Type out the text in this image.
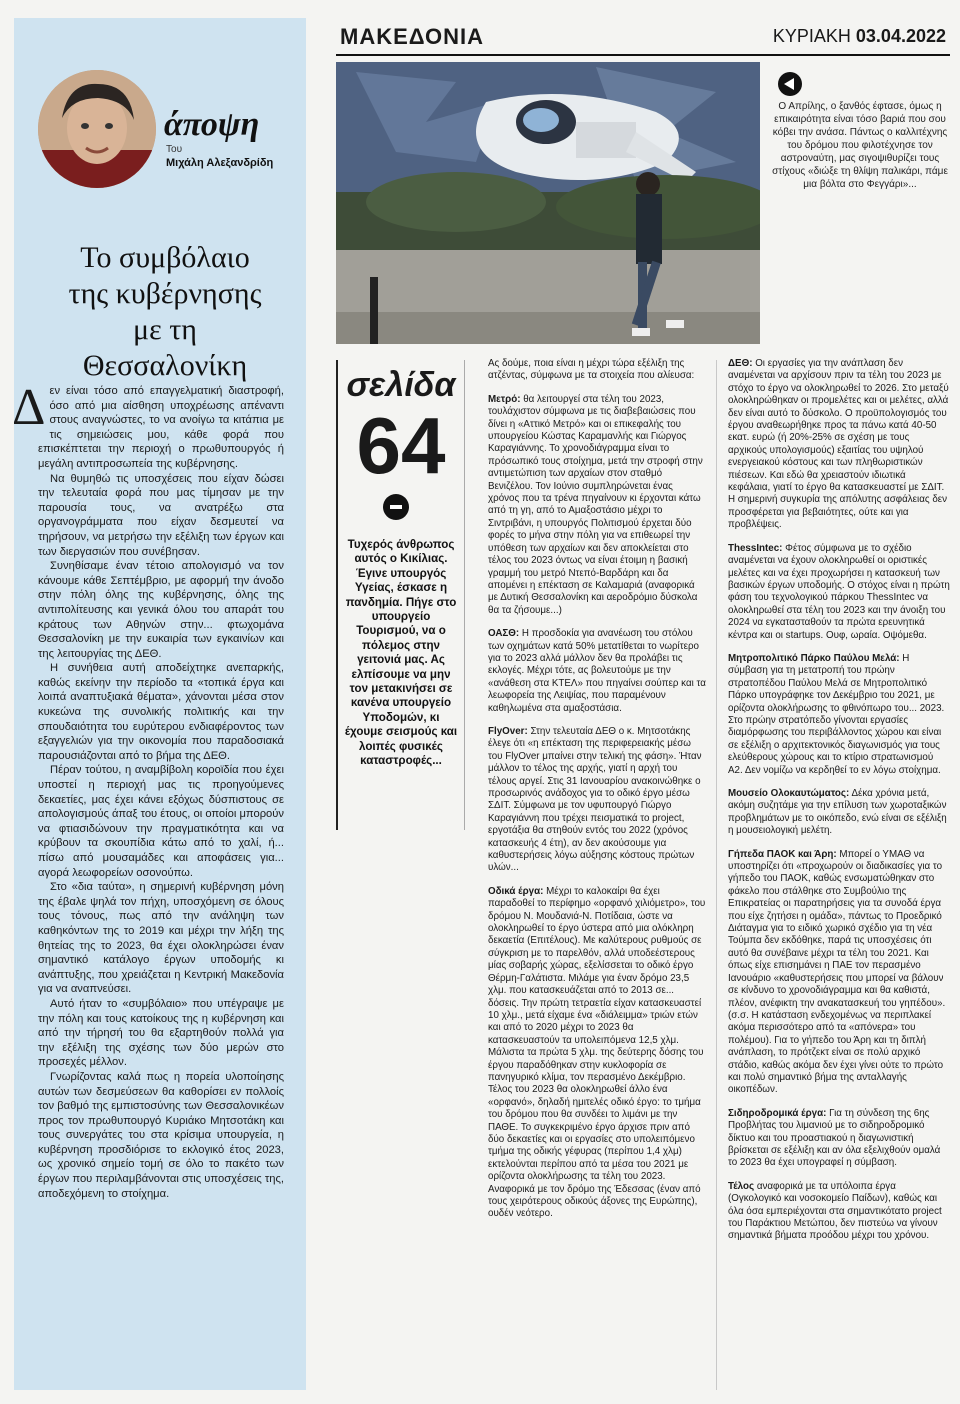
ΜΑΚΕΔΟΝΙΑ	ΚΥΡΙΑΚΗ 03.04.2022
άποψη
Του
Μιχάλη Αλεξανδρίδη
Το συμβόλαιο
της κυβέρνησης
με τη
Θεσσαλονίκη

Δεν είναι τόσο από επαγγελματική διαστροφή, όσο από μια αίσθηση υποχρέωσης απέναντι στους αναγνώστες, το να ανοίγω τα κιτάπια με τις σημειώσεις μου, κάθε φορά που επισκέπτεται την περιοχή ο πρωθυπουργός ή μεγάλη αντιπροσωπεία της κυβέρνησης.

Να θυμηθώ τις υποσχέσεις που είχαν δώσει την τελευταία φορά που μας τίμησαν με την παρουσία τους, να ανατρέξω στα οργανογράμματα που είχαν δεσμευτεί να τηρήσουν, να μετρήσω την εξέλιξη των έργων και των διεργασιών που συνέβησαν.

Συνηθίσαμε έναν τέτοιο απολογισμό να τον κάνουμε κάθε Σεπτέμβριο, με αφορμή την άνοδο στην πόλη όλης της κυβέρνησης, όλης της αντιπολίτευσης και γενικά όλου του απαράτ του κράτους των Αθηνών στην... φτωχομάνα Θεσσαλονίκη με την ευκαιρία των εγκαινίων και της λειτουργίας της ΔΕΘ.

Η συνήθεια αυτή αποδείχτηκε ανεπαρκής, καθώς εκείνην την περίοδο τα «τοπικά έργα και λοιπά αναπτυξιακά θέματα», χάνονται μέσα στον κυκεώνα της συνολικής πολιτικής και την σπουδαιότητα του ευρύτερου ενδιαφέροντος των εξαγγελιών για την οικονομία που παραδοσιακά παρουσιάζονται από το βήμα της ΔΕΘ.

Πέραν τούτου, η αναμβίβολη κοροϊδία που έχει υποστεί η περιοχή μας τις προηγούμενες δεκαετίες, μας έχει κάνει εξόχως δύσπιστους σε απολογισμούς άπαξ του έτους, οι οποίοι μπορούν να φτιασιδώνουν την πραγματικότητα και να κρύβουν τα σκουπίδια κάτω από το χαλί, ή... πίσω από μουσαμάδες και αποφάσεις για... αγορά λεωφορείων οσονούπω.

Στο «δια ταύτα», η σημερινή κυβέρνηση μόνη της έβαλε ψηλά τον πήχη, υποσχόμενη σε όλους τους τόνους, πως από την ανάληψη των καθηκόντων της το 2019 και μέχρι την λήξη της θητείας της το 2023, θα έχει ολοκληρώσει έναν σημαντικό κατάλογο έργων υποδομής κι ανάπτυξης, που χρειάζεται η Κεντρική Μακεδονία για να αναπνεύσει.

Αυτό ήταν το «συμβόλαιο» που υπέγραψε με την πόλη και τους κατοίκους της η κυβέρνηση και από την τήρησή του θα εξαρτηθούν πολλά για την εξέλιξη της σχέσης των δύο μερών στο προσεχές μέλλον.

Γνωρίζοντας καλά πως η πορεία υλοποίησης αυτών των δεσμεύσεων θα καθορίσει εν πολλοίς τον βαθμό της εμπιστοσύνης των Θεσσαλονικέων προς τον πρωθυπουργό Κυριάκο Μητσοτάκη και τους συνεργάτες του στα κρίσιμα υπουργεία, η κυβέρνηση προσδιόρισε το εκλογικό έτος 2023, ως χρονικό σημείο τομή σε όλο το πακέτο των έργων που περιλαμβάνονται στις υποσχέσεις της, αποδεχόμενη το στοίχημα.

Ο Απρίλης, ο ξανθός έφτασε, όμως η επικαιρότητα είναι τόσο βαριά που σου κόβει την ανάσα. Πάντως ο καλλιτέχνης του δρόμου που φιλοτέχνησε τον αστροναύτη, μας σιγοψιθυρίζει τους στίχους «διώξε τη θλίψη παλικάρι, πάμε μια βόλτα στο Φεγγάρι»...
σελίδα
64
Τυχερός άνθρωπος αυτός ο Κικίλιας. Έγινε υπουργός Υγείας, έσκασε η πανδημία. Πήγε στο υπουργείο Τουρισμού, να ο πόλεμος στην γειτονιά μας. Ας ελπίσουμε να μην τον μετακινήσει σε κανένα υπουργείο Υποδομών, κι έχουμε σεισμούς και λοιπές φυσικές καταστροφές...

Ας δούμε, ποια είναι η μέχρι τώρα εξέλιξη της ατζέντας, σύμφωνα με τα στοιχεία που αλίευσα:

Μετρό: θα λειτουργεί στα τέλη του 2023, τουλάχιστον σύμφωνα με τις διαβεβαιώσεις που δίνει η «Αττικό Μετρό» και οι επικεφαλής του υπουργείου Κώστας Καραμανλής και Γιώργος Καραγιάννης. Το χρονοδιάγραμμα είναι το πρόσωπικό τους στοίχημα, μετά την στροφή στην αντιμετώπιση των αρχαίων στον σταθμό Βενιζέλου. Τον Ιούνιο συμπληρώνεται ένας χρόνος που τα τρένα πηγαίνουν κι έρχονται κάτω από τη γη, από το Αμαξοστάσιο μέχρι το Σιντριβάνι, η υπουργός Πολιτισμού έρχεται δύο φορές το μήνα στην πόλη για να επιθεωρεί την υπόθεση των αρχαίων και δεν αποκλείεται στο τέλος του 2023 όντως να είναι έτοιμη η βασική γραμμή του μετρό Ντεπό-Βαρδάρη και δα απομένει η επέκταση σε Καλαμαριά (αναφορικά με Δυτική Θεσσαλονίκη και αεροδρόμιο δύσκολα θα τα ζήσουμε...)

ΟΑΣΘ: Η προσδοκία για ανανέωση του στόλου των οχημάτων κατά 50% μετατίθεται το νωρίτερο για το 2023 αλλά μάλλον δεν θα προλάβει τις εκλογές. Μέχρι τότε, ας βολευτούμε με την «ανάθεση στα ΚΤΕΛ» που πηγαίνει σούπερ και τα λεωφορεία της Λειψίας, που παραμένουν καθηλωμένα στα αμαξοστάσια.

FlyOver: Στην τελευταία ΔΕΘ ο κ. Μητσοτάκης έλεγε ότι «η επέκταση της περιφερειακής μέσω του FlyOver μπαίνει στην τελική της φάση». Ήταν μάλλον το τέλος της αρχής, γιατί η αρχή του τέλους αργεί. Στις 31 Ιανουαρίου ανακοινώθηκε ο προσωρινός ανάδοχος για το οδικό έργο μέσω ΣΔΙΤ. Σύμφωνα με τον υφυπουργό Γιώργο Καραγιάννη που τρέχει πεισματικά το project, εργοτάξια θα στηθούν εντός του 2022 (χρόνος κατασκευής 4 έτη), αν δεν ακούσουμε για καθυστερήσεις λόγω αύξησης κόστους πρώτων υλών...

Οδικά έργα: Μέχρι το καλοκαίρι θα έχει παραδοθεί το περίφημο «ορφανό χιλιόμετρο», του δρόμου Ν. Μουδανιά-Ν. Ποτίδαια, ώστε να ολοκληρωθεί το έργο ύστερα από μια ολόκληρη δεκαετία (Επιτέλους). Με καλύτερους ρυθμούς σε σύγκριση με το παρελθόν, αλλά υποδεέστερους μίας σοβαρής χώρας, εξελίσσεται το οδικό έργο Θέρμη-Γαλάτιστα. Μιλάμε για έναν δρόμο 23,5 χλμ. που κατασκευάζεται από το 2013 σε... δόσεις. Την πρώτη τετραετία είχαν κατασκευαστεί 10 χλμ., μετά είχαμε ένα «διάλειμμα» τριών ετών και από το 2020 μέχρι το 2023 θα κατασκευαστούν τα υπολειπόμενα 12,5 χλμ. Μάλιστα τα πρώτα 5 χλμ. της δεύτερης δόσης του έργου παραδόθηκαν στην κυκλοφορία σε πανηγυρικό κλίμα, τον περασμένο Δεκέμβριο. Τέλος του 2023 θα ολοκληρωθεί άλλο ένα «ορφανό», δηλαδή ημιτελές οδικό έργο: το τμήμα του δρόμου που θα συνδέει το λιμάνι με την ΠΑΘΕ. Το συγκεκριμένο έργο άρχισε πριν από δύο δεκαετίες και οι εργασίες στο υπολειπόμενο τμήμα της οδικής γέφυρας (περίπου 1,4 χλμ) εκτελούνται περίπου από τα μέσα του 2021 με ορίζοντα ολοκλήρωσης τα τέλη του 2023. Αναφορικά με τον δρόμο της Έδεσσας (έναν από τους χειρότερους οδικούς άξονες της Ευρώπης), ουδέν νεότερο.

ΔΕΘ: Οι εργασίες για την ανάπλαση δεν αναμένεται να αρχίσουν πριν τα τέλη του 2023 με στόχο το έργο να ολοκληρωθεί το 2026. Στο μεταξύ ολοκληρώθηκαν οι προμελέτες και οι μελέτες, αλλά δεν είναι αυτό το δύσκολο. Ο προϋπολογισμός του έργου αναθεωρήθηκε προς τα πάνω κατά 40-50 εκατ. ευρώ (ή 20%-25% σε σχέση με τους αρχικούς υπολογισμούς) εξαιτίας του υψηλού ενεργειακού κόστους και των πληθωριστικών πιέσεων. Και εδώ θα χρειαστούν ιδιωτικά κεφάλαια, γιατί το έργο θα κατασκευαστεί με ΣΔΙΤ. Η σημερινή συγκυρία της απόλυτης ασφάλειας δεν προσφέρεται για βεβαιότητες, ούτε και για προβλέψεις.

ThessIntec: Φέτος σύμφωνα με το σχέδιο αναμένεται να έχουν ολοκληρωθεί οι οριστικές μελέτες και να έχει προχωρήσει η κατασκευή των βασικών έργων υποδομής. Ο στόχος είναι η πρώτη φάση του τεχνολογικού πάρκου ThessIntec να ολοκληρωθεί στα τέλη του 2023 και την άνοιξη του 2024 να εγκατασταθούν τα πρώτα ερευνητικά κέντρα και οι startups. Ουφ, ωραία. Οψόμεθα.

Μητροπολιτικό Πάρκο Παύλου Μελά: Η σύμβαση για τη μετατροπή του πρώην στρατοπέδου Παύλου Μελά σε Μητροπολιτικό Πάρκο υπογράφηκε τον Δεκέμβριο του 2021, με ορίζοντα ολοκλήρωσης το φθινόπωρο του... 2023. Στο πρώην στρατόπεδο γίνονται εργασίες διαμόρφωσης του περιβάλλοντος χώρου και είναι σε εξέλιξη ο αρχιτεκτονικός διαγωνισμός για τους ελεύθερους χώρους και το κτίριο στρατωνισμού Α2. Δεν νομίζω να κερδηθεί το εν λόγω στοίχημα.

Μουσείο Ολοκαυτώματος: Δέκα χρόνια μετά, ακόμη συζητάμε για την επίλυση των χωροταξικών προβλημάτων με το οικόπεδο, ενώ είναι σε εξέλιξη η μουσειολογική μελέτη.

Γήπεδα ΠΑΟΚ και Άρη: Μπορεί ο ΥΜΑΘ να υποστηρίζει ότι «προχωρούν οι διαδικασίες για το γήπεδο του ΠΑΟΚ, καθώς ενσωματώθηκαν στο φάκελο που στάλθηκε στο Συμβούλιο της Επικρατείας οι παρατηρήσεις για τα συνοδά έργα που είχε ζητήσει η ομάδα», πάντως το Προεδρικό Διάταγμα για το ειδικό χωρικό σχέδιο για τη νέα Τούμπα δεν εκδόθηκε, παρά τις υποσχέσεις ότι αυτό θα συνέβαινε μέχρι τα τέλη του 2021. Και όπως είχε επισημάνει η ΠΑΕ τον περασμένο Ιανουάριο «καθυστερήσεις που μπορεί να βάλουν σε κίνδυνο το χρονοδιάγραμμα και θα καθιστά, πλέον, ανέφικτη την ανακατασκευή του γηπέδου». (σ.σ. Η κατάσταση ενδεχομένως να περιπλακεί ακόμα περισσότερο από τα «απόνερα» του πολέμου). Για το γήπεδο του Άρη και τη διπλή ανάπλαση, το πρότζεκτ είναι σε πολύ αρχικό στάδιο, καθώς ακόμα δεν έχει γίνει ούτε το πρώτο και πολύ σημαντικό βήμα της ανταλλαγής οικοπέδων.

Σιδηροδρομικά έργα: Για τη σύνδεση της 6ης Προβλήτας του λιμανιού με το σιδηροδρομικό δίκτυο και του προαστιακού η διαγωνιστική βρίσκεται σε εξέλιξη και αν όλα εξελιχθούν ομαλά το 2023 θα έχει υπογραφεί η σύμβαση.

Τέλος αναφορικά με τα υπόλοιπα έργα (Ογκολογικό και νοσοκομείο Παίδων), καθώς και όλα όσα εμπεριέχονται στα σημαντικότατο project του Παράκτιου Μετώπου, δεν πιστεύω να γίνουν σημαντικά βήματα προόδου μέχρι του χρόνου.
